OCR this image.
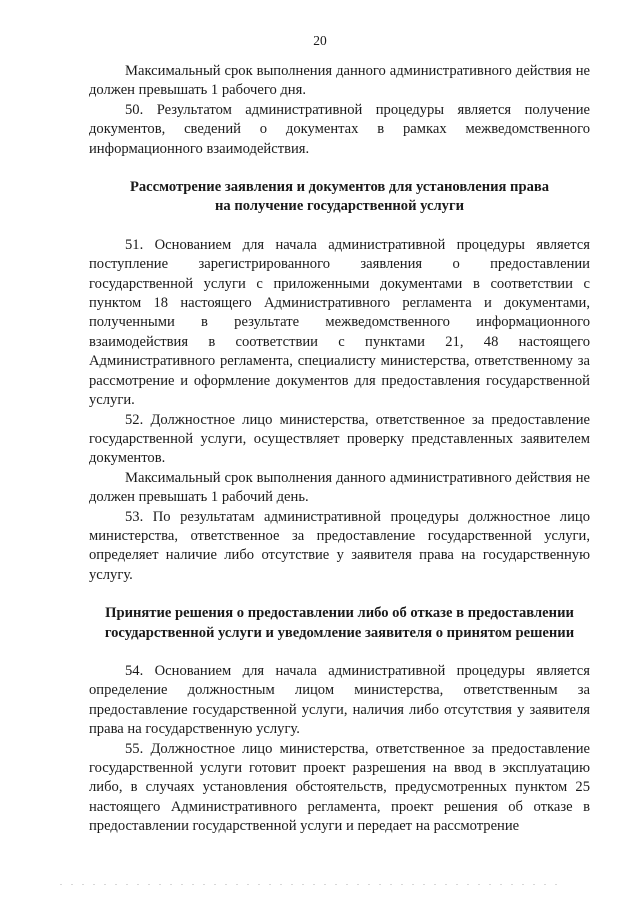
20

Максимальный срок выполнения данного административного действия не должен превышать 1 рабочего дня.

50. Результатом административной процедуры является получение документов, сведений о документах в рамках межведомственного информационного взаимодействия.

Рассмотрение заявления и документов для установления права
на получение государственной услуги

51. Основанием для начала административной процедуры является поступление зарегистрированного заявления о предоставлении государственной услуги с приложенными документами в соответствии с пунктом 18 настоящего Административного регламента и документами, полученными в результате межведомственного информационного взаимодействия в соответствии с пунктами 21, 48 настоящего Административного регламента, специалисту министерства, ответственному за рассмотрение и оформление документов для предоставления государственной услуги.

52. Должностное лицо министерства, ответственное за предоставление государственной услуги, осуществляет проверку представленных заявителем документов.

Максимальный срок выполнения данного административного действия не должен превышать 1 рабочий день.

53. По результатам административной процедуры должностное лицо министерства, ответственное за предоставление государственной услуги, определяет наличие либо отсутствие у заявителя права на государственную услугу.

Принятие решения о предоставлении либо об отказе в предоставлении
государственной услуги и уведомление заявителя о принятом решении

54. Основанием для начала административной процедуры является определение должностным лицом министерства, ответственным за предоставление государственной услуги, наличия либо отсутствия у заявителя права на государственную услугу.

55. Должностное лицо министерства, ответственное за предоставление государственной услуги готовит проект разрешения на ввод в эксплуатацию либо, в случаях установления обстоятельств, предусмотренных пунктом 25 настоящего Административного регламента, проект решения об отказе в предоставлении государственной услуги и передает на рассмотрение
